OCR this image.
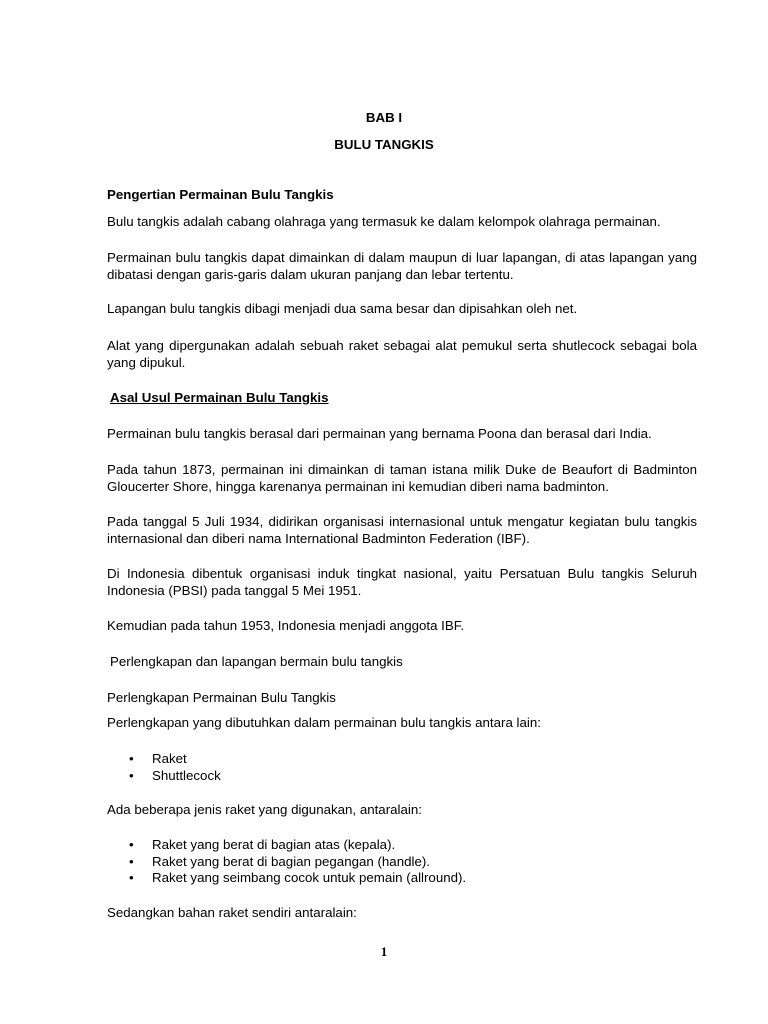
BAB I
BULU TANGKIS
Pengertian Permainan Bulu Tangkis
Bulu tangkis adalah cabang olahraga yang termasuk ke dalam kelompok olahraga permainan.
Permainan bulu tangkis dapat dimainkan di dalam maupun di luar lapangan, di atas lapangan yang dibatasi dengan garis-garis dalam ukuran panjang dan lebar tertentu.
Lapangan bulu tangkis dibagi menjadi dua sama besar dan dipisahkan oleh net.
Alat yang dipergunakan adalah sebuah raket sebagai alat pemukul serta shutlecock sebagai bola yang dipukul.
Asal Usul Permainan Bulu Tangkis
Permainan bulu tangkis berasal dari permainan yang bernama Poona dan berasal dari India.
Pada tahun 1873, permainan ini dimainkan di taman istana milik Duke de Beaufort di Badminton Gloucerter Shore, hingga karenanya permainan ini kemudian diberi nama badminton.
Pada tanggal 5 Juli 1934, didirikan organisasi internasional untuk mengatur kegiatan bulu tangkis internasional dan diberi nama International Badminton Federation (IBF).
Di Indonesia dibentuk organisasi induk tingkat nasional, yaitu Persatuan Bulu tangkis Seluruh Indonesia (PBSI) pada tanggal 5 Mei 1951.
Kemudian pada tahun 1953, Indonesia menjadi anggota IBF.
Perlengkapan dan lapangan bermain bulu tangkis
Perlengkapan Permainan Bulu Tangkis
Perlengkapan yang dibutuhkan dalam permainan bulu tangkis antara lain:
• Raket
• Shuttlecock
Ada beberapa jenis raket yang digunakan, antaralain:
• Raket yang berat di bagian atas (kepala).
• Raket yang berat di bagian pegangan (handle).
• Raket yang seimbang cocok untuk pemain (allround).
Sedangkan bahan raket sendiri antaralain:
1
